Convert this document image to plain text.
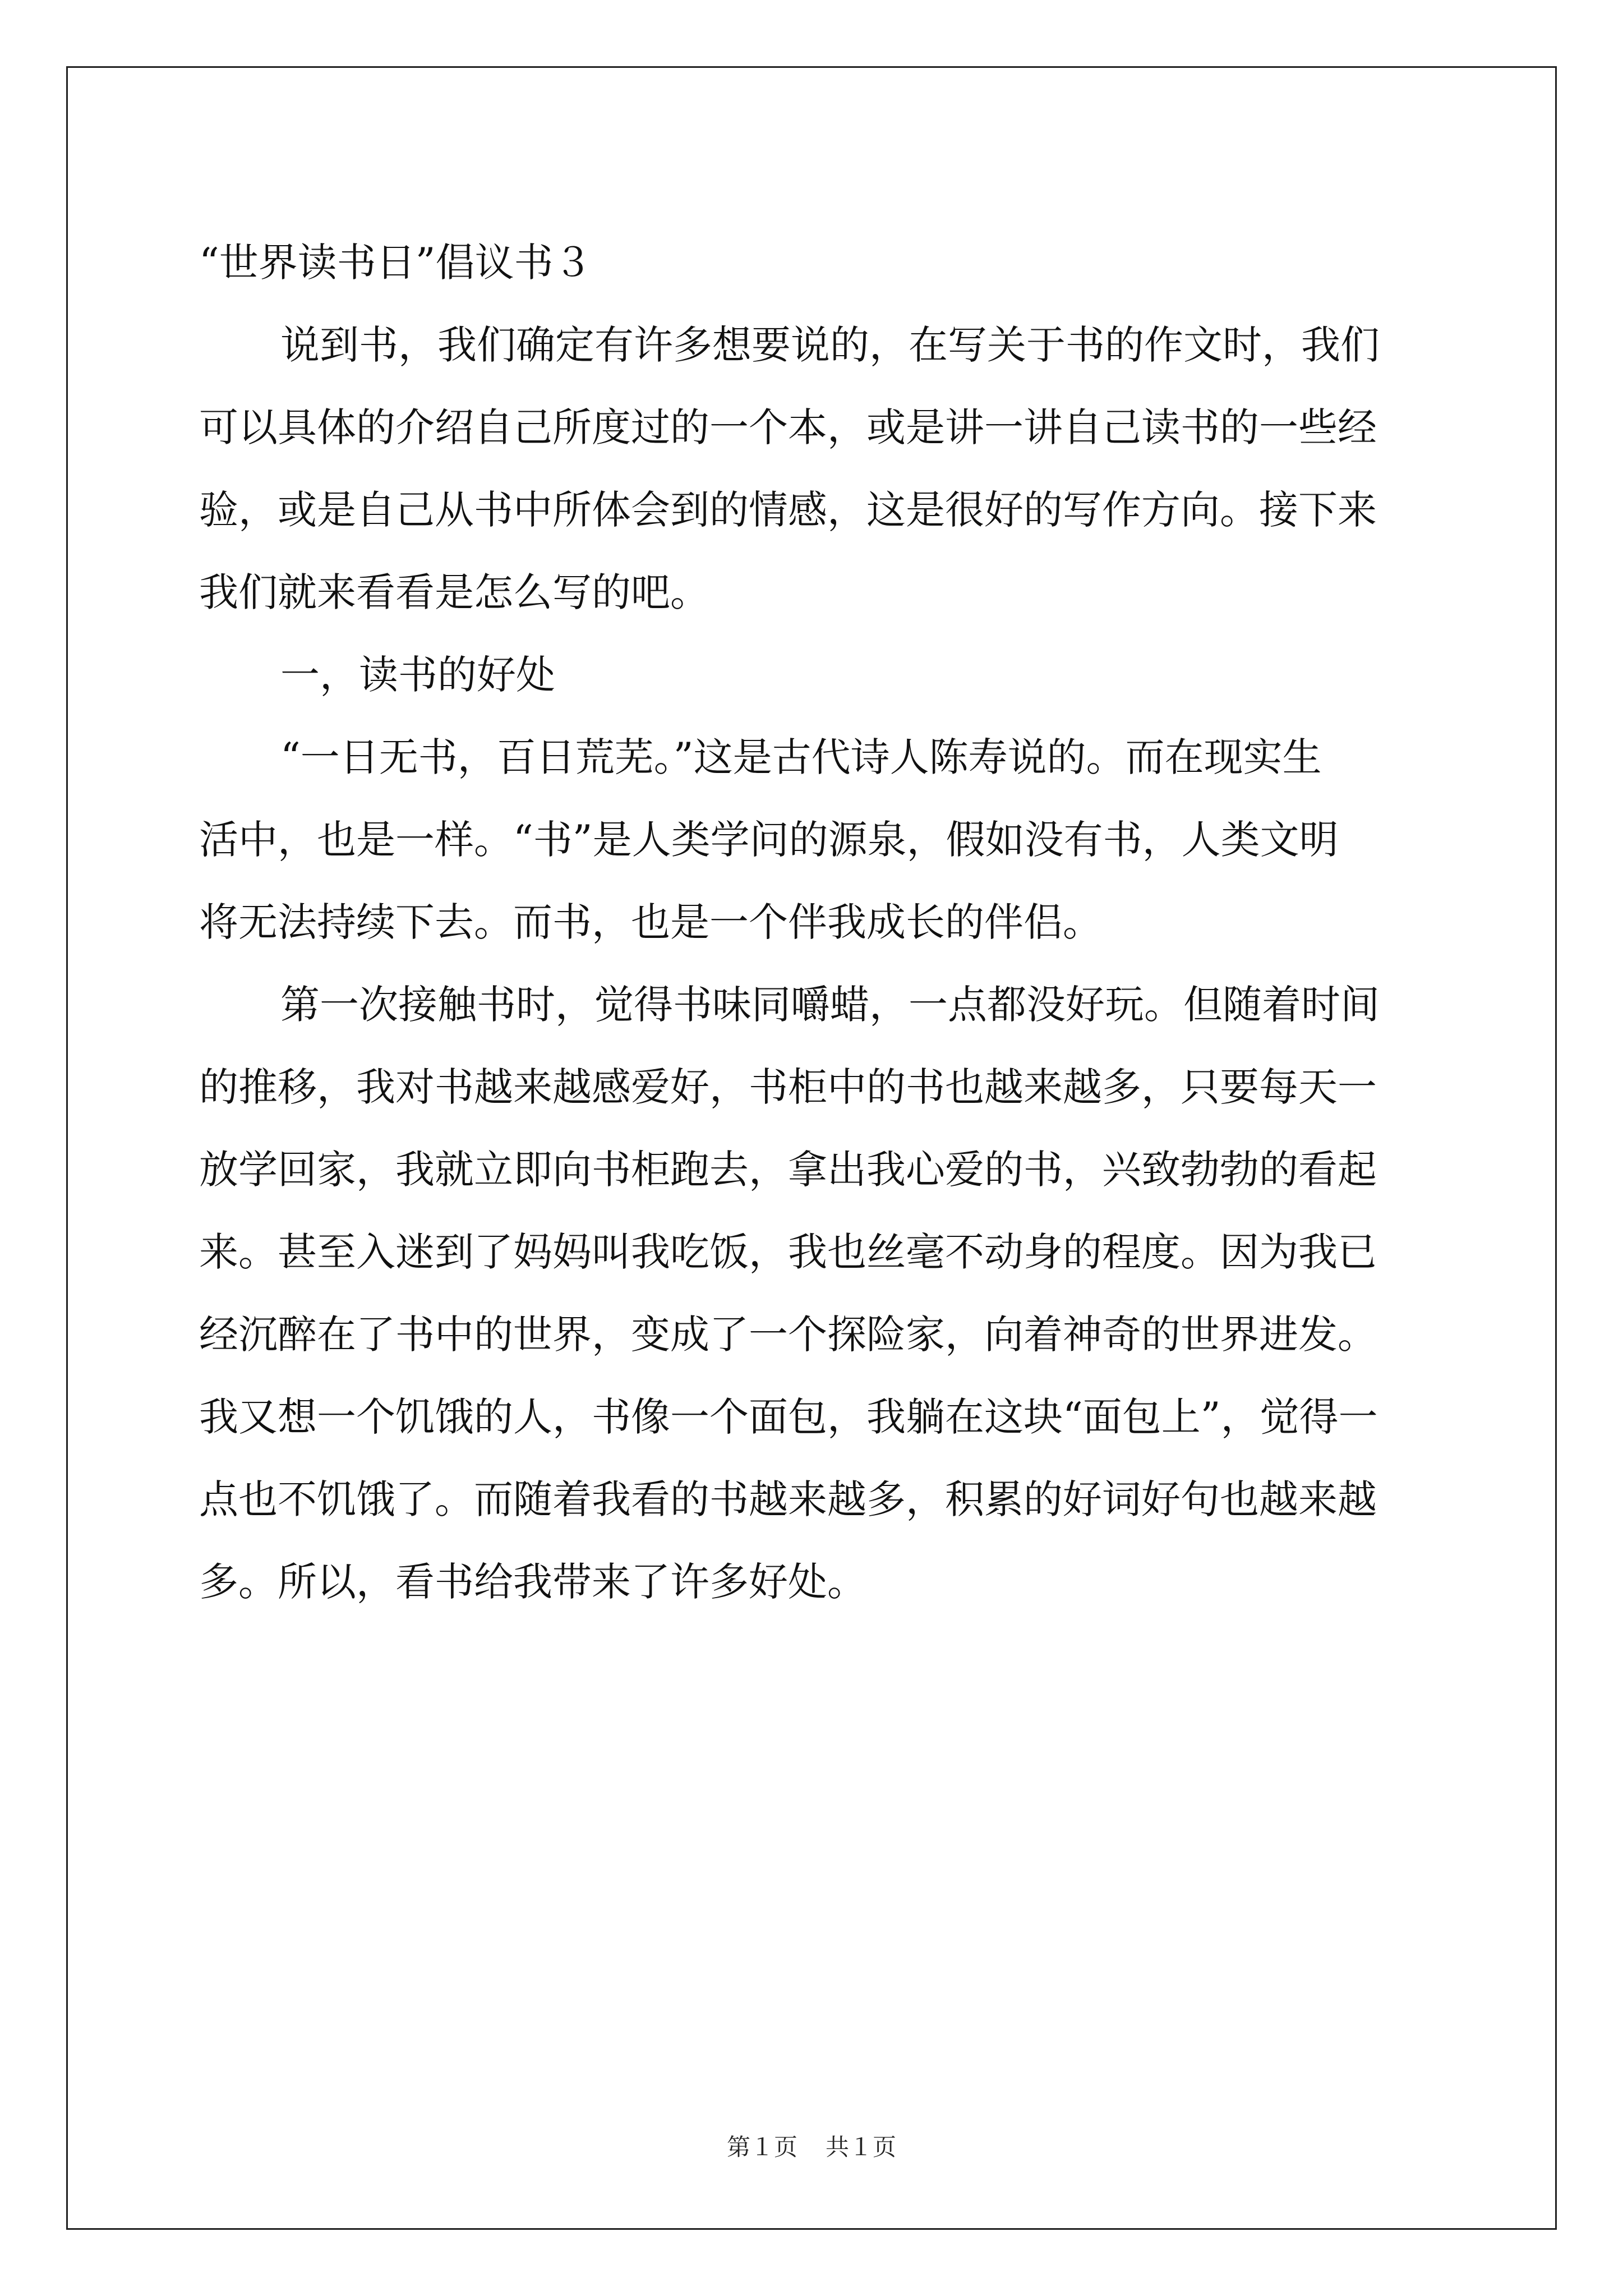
“世界读书日”倡议书３

说到书，我们确定有许多想要说的，在写关于书的作文时，我们
可以具体的介绍自己所度过的一个本，或是讲一讲自己读书的一些经
验，或是自己从书中所体会到的情感，这是很好的写作方向。接下来
我们就来看看是怎么写的吧。
一，读书的好处
“一日无书，百日荒芜。”这是古代诗人陈寿说的。而在现实生
活中，也是一样。“书”是人类学问的源泉，假如没有书，人类文明
将无法持续下去。而书，也是一个伴我成长的伴侣。
第一次接触书时，觉得书味同嚼蜡，一点都没好玩。但随着时间
的推移，我对书越来越感爱好，书柜中的书也越来越多，只要每天一
放学回家，我就立即向书柜跑去，拿出我心爱的书，兴致勃勃的看起
来。甚至入迷到了妈妈叫我吃饭，我也丝毫不动身的程度。因为我已
经沉醉在了书中的世界，变成了一个探险家，向着神奇的世界进发。
我又想一个饥饿的人，书像一个面包，我躺在这块“面包上”，觉得一
点也不饥饿了。而随着我看的书越来越多，积累的好词好句也越来越
多。所以，看书给我带来了许多好处。
第１页 共１页
